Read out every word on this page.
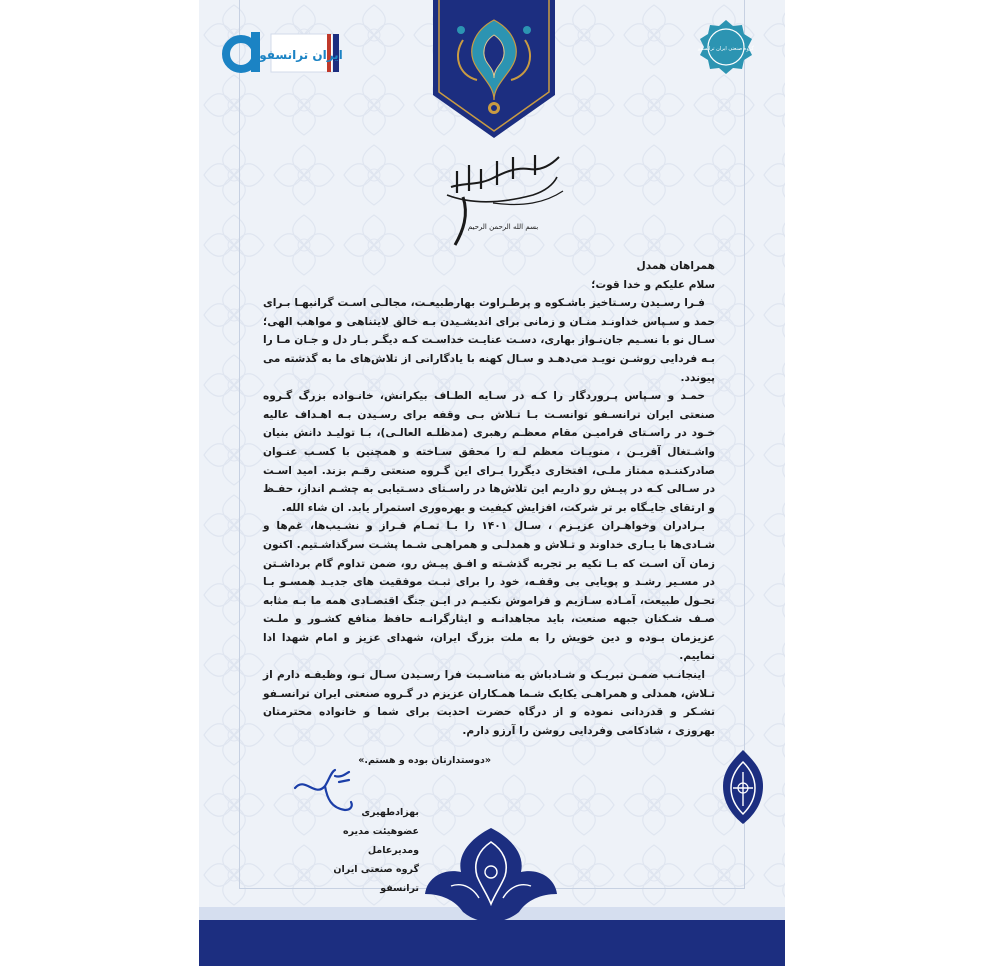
ایران ترانسفو	گروه صنعتی ایران ترانسفو
بسم الله الرحمن الرحیم
همراهان همدل
سلام علیکم و خدا قوت؛
فـرا رسـیدن رسـتاخیز باشـکوه و پرطـراوت بهارطبیعـت، مجالـی اسـت گرانبهـا بـرای حمد و سـپاس خداونـد منـان و زمانی برای اندیشـیدن بـه خالق لایتناهی و مواهب الهی؛ سـال نو با نسـیم جان‌نـواز بهاری، دسـت عنایـت خداسـت کـه دیگـر بـار دل و جـان مـا را بـه فردایی روشـن نویـد می‌دهـد و سـال کهنه با یادگارانی از تلاش‌های ما به گذشته می پیوندد.
حمـد و سـپاس پـروردگار را کـه در سـایه الطـاف بیکرانش، خانـواده بزرگ گـروه صنعتی ایران ترانسـفو توانسـت بـا تـلاش بـی وقفه برای رسـیدن بـه اهـداف عالیه خـود در راسـتای فرامیـن مقام معظـم رهبری (مدظلـه العالـی)، بـا تولیـد دانش بنیان واشـتغال آفریـن ، منویـات معظم لـه را محقق سـاخته و همچنین با کسـب عنـوان صادرکننـده ممتاز ملـی، افتخاری دیگررا بـرای این گـروه صنعتی رقـم بزند. امید اسـت در سـالی کـه در پیـش رو داریم این تلاش‌ها در راسـتای دسـتیابی به چشـم انداز، حفـظ و ارتقای جایـگاه بر تر شرکت، افزایش کیفیت و بهره‌وری استمرار یابد. ان شاء الله.
بـرادران وخواهـران عزیـزم ، سـال ۱۴۰۱ را بـا تمـام فـراز و نشـیب‌ها، غم‌ها و شـادی‌ها با یـاری خداوند و تـلاش و همدلـی و همراهـی شـما پشـت سرگذاشـتیم. اکنون زمان آن اسـت که بـا تکیه بر تجربه گذشـته و افـق پیـش رو، ضمن تداوم گام برداشـتن در مسـیر رشـد و پویایی بی وقفـه، خود را برای ثبـت موفقیت های جدیـد همسـو بـا تحـول طبیعت، آمـاده سـازیم و فراموش نکنیـم در ایـن جنگ اقتصـادی همه ما بـه مثابه صـف شـکنان جبهه صنعت، باید مجاهدانـه و ایثارگرانـه حافظ منافع کشـور و ملـت عزیزمان بـوده و دین خویش را به ملت بزرگ ایران، شهدای عزیز و امام شهدا ادا نماییم.
اینجانـب ضمـن تبریـک و شـادباش به مناسـبت فرا رسـیدن سـال نـو، وظیفـه دارم از تـلاش، همدلی و همراهـی یکایک شـما همـکاران عزیزم در گـروه صنعتی ایران ترانسـفو تشـکر و قدردانی نموده و از درگاه حضرت احدیت برای شما و خانواده محترمتان بهروزی ، شادکامی وفردایی روشن را آرزو دارم.
«دوستدارتان بوده و هستم.»
بهزادطهیری
عضوهیئت مدیره ومدیرعامل
گروه صنعتی ایران ترانسفو
